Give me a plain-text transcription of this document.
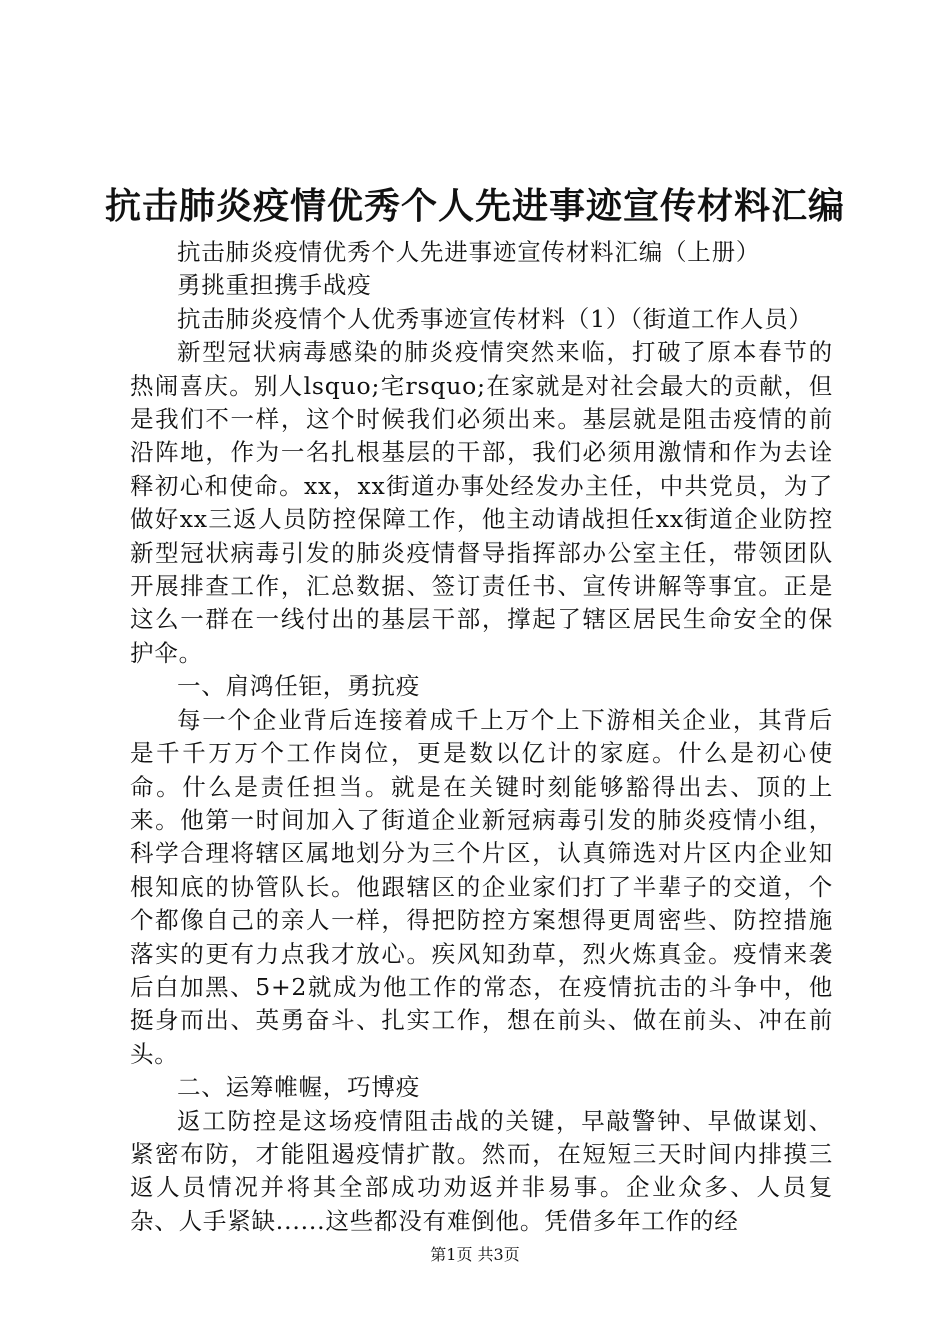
抗击肺炎疫情优秀个人先进事迹宣传材料汇编

抗击肺炎疫情优秀个人先进事迹宣传材料汇编（上册）

勇挑重担携手战疫

抗击肺炎疫情个人优秀事迹宣传材料（1）（街道工作人员）

新型冠状病毒感染的肺炎疫情突然来临，打破了原本春节的热闹喜庆。别人lsquo;宅rsquo;在家就是对社会最大的贡献，但是我们不一样，这个时候我们必须出来。基层就是阻击疫情的前沿阵地，作为一名扎根基层的干部，我们必须用激情和作为去诠释初心和使命。xx，xx街道办事处经发办主任，中共党员，为了做好xx三返人员防控保障工作，他主动请战担任xx街道企业防控新型冠状病毒引发的肺炎疫情督导指挥部办公室主任，带领团队开展排查工作，汇总数据、签订责任书、宣传讲解等事宜。正是这么一群在一线付出的基层干部，撑起了辖区居民生命安全的保护伞。

一、肩鸿任钜，勇抗疫

每一个企业背后连接着成千上万个上下游相关企业，其背后是千千万万个工作岗位，更是数以亿计的家庭。什么是初心使命。什么是责任担当。就是在关键时刻能够豁得出去、顶的上来。他第一时间加入了街道企业新冠病毒引发的肺炎疫情小组，科学合理将辖区属地划分为三个片区，认真筛选对片区内企业知根知底的协管队长。他跟辖区的企业家们打了半辈子的交道，个个都像自己的亲人一样，得把防控方案想得更周密些、防控措施落实的更有力点我才放心。疾风知劲草，烈火炼真金。疫情来袭后白加黑、5+2就成为他工作的常态，在疫情抗击的斗争中，他挺身而出、英勇奋斗、扎实工作，想在前头、做在前头、冲在前头。

二、运筹帷幄，巧博疫

返工防控是这场疫情阻击战的关键，早敲警钟、早做谋划、紧密布防，才能阻遏疫情扩散。然而，在短短三天时间内排摸三返人员情况并将其全部成功劝返并非易事。企业众多、人员复杂、人手紧缺......这些都没有难倒他。凭借多年工作的经

第1页 共3页
